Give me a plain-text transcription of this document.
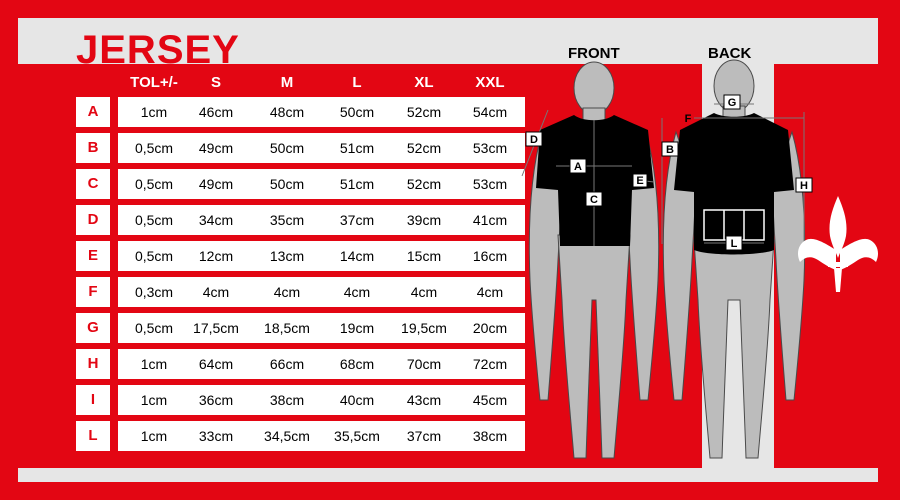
JERSEY
TOL+/-	S	M	L	XL	XXL
A	1cm	46cm	48cm	50cm	52cm	54cm
B	0,5cm	49cm	50cm	51cm	52cm	53cm
C	0,5cm	49cm	50cm	51cm	52cm	53cm
D	0,5cm	34cm	35cm	37cm	39cm	41cm
E	0,5cm	12cm	13cm	14cm	15cm	16cm
F	0,3cm	4cm	4cm	4cm	4cm	4cm
G	0,5cm	17,5cm	18,5cm	19cm	19,5cm	20cm
H	1cm	64cm	66cm	68cm	70cm	72cm
I	1cm	36cm	38cm	40cm	43cm	45cm
L	1cm	33cm	34,5cm	35,5cm	37cm	38cm
A
C
D
E
G
F
B
H
L
FRONT	BACK
